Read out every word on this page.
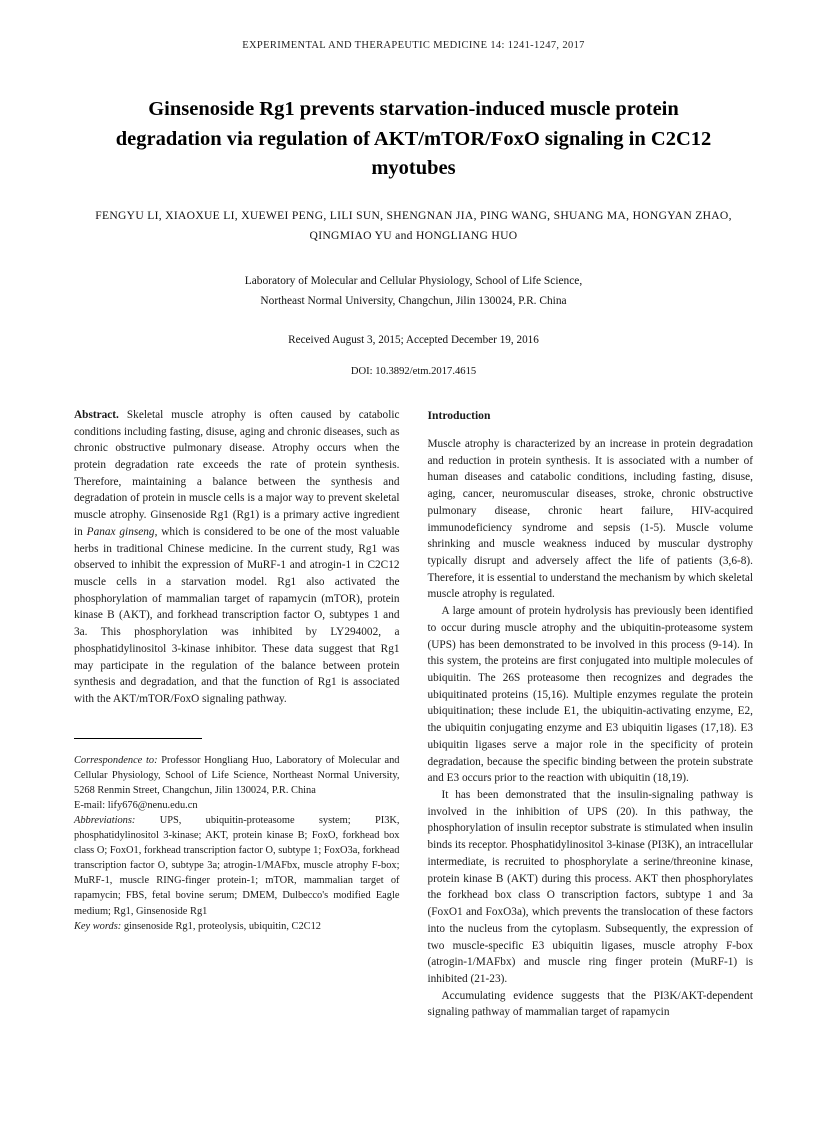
EXPERIMENTAL AND THERAPEUTIC MEDICINE 14: 1241-1247, 2017
Ginsenoside Rg1 prevents starvation-induced muscle protein degradation via regulation of AKT/mTOR/FoxO signaling in C2C12 myotubes
FENGYU LI, XIAOXUE LI, XUEWEI PENG, LILI SUN, SHENGNAN JIA, PING WANG, SHUANG MA, HONGYAN ZHAO, QINGMIAO YU and HONGLIANG HUO
Laboratory of Molecular and Cellular Physiology, School of Life Science,
Northeast Normal University, Changchun, Jilin 130024, P.R. China
Received August 3, 2015; Accepted December 19, 2016
DOI: 10.3892/etm.2017.4615

Abstract. Skeletal muscle atrophy is often caused by catabolic conditions including fasting, disuse, aging and chronic diseases, such as chronic obstructive pulmonary disease. Atrophy occurs when the protein degradation rate exceeds the rate of protein synthesis. Therefore, maintaining a balance between the synthesis and degradation of protein in muscle cells is a major way to prevent skeletal muscle atrophy. Ginsenoside Rg1 (Rg1) is a primary active ingredient in Panax ginseng, which is considered to be one of the most valuable herbs in traditional Chinese medicine. In the current study, Rg1 was observed to inhibit the expression of MuRF-1 and atrogin-1 in C2C12 muscle cells in a starvation model. Rg1 also activated the phosphorylation of mammalian target of rapamycin (mTOR), protein kinase B (AKT), and forkhead transcription factor O, subtypes 1 and 3a. This phosphorylation was inhibited by LY294002, a phosphatidylinositol 3-kinase inhibitor. These data suggest that Rg1 may participate in the regulation of the balance between protein synthesis and degradation, and that the function of Rg1 is associated with the AKT/mTOR/FoxO signaling pathway.

Correspondence to: Professor Hongliang Huo, Laboratory of Molecular and Cellular Physiology, School of Life Science, Northeast Normal University, 5268 Renmin Street, Changchun, Jilin 130024, P.R. China

E-mail: lify676@nenu.edu.cn

Abbreviations: UPS, ubiquitin-proteasome system; PI3K, phosphatidylinositol 3-kinase; AKT, protein kinase B; FoxO, forkhead box class O; FoxO1, forkhead transcription factor O, subtype 1; FoxO3a, forkhead transcription factor O, subtype 3a; atrogin-1/MAFbx, muscle atrophy F-box; MuRF-1, muscle RING-finger protein-1; mTOR, mammalian target of rapamycin; FBS, fetal bovine serum; DMEM, Dulbecco's modified Eagle medium; Rg1, Ginsenoside Rg1

Key words: ginsenoside Rg1, proteolysis, ubiquitin, C2C12

Introduction

Muscle atrophy is characterized by an increase in protein degradation and reduction in protein synthesis. It is associated with a number of human diseases and catabolic conditions, including fasting, disuse, aging, cancer, neuromuscular diseases, stroke, chronic obstructive pulmonary disease, chronic heart failure, HIV-acquired immunodeficiency syndrome and sepsis (1-5). Muscle volume shrinking and muscle weakness induced by muscular dystrophy typically disrupt and adversely affect the life of patients (3,6-8). Therefore, it is essential to understand the mechanism by which skeletal muscle atrophy is regulated.

A large amount of protein hydrolysis has previously been identified to occur during muscle atrophy and the ubiquitin-proteasome system (UPS) has been demonstrated to be involved in this process (9-14). In this system, the proteins are first conjugated into multiple molecules of ubiquitin. The 26S proteasome then recognizes and degrades the ubiquitinated proteins (15,16). Multiple enzymes regulate the protein ubiquitination; these include E1, the ubiquitin-activating enzyme, E2, the ubiquitin conjugating enzyme and E3 ubiquitin ligases (17,18). E3 ubiquitin ligases serve a major role in the specificity of protein degradation, because the specific binding between the protein substrate and E3 occurs prior to the reaction with ubiquitin (18,19).

It has been demonstrated that the insulin-signaling pathway is involved in the inhibition of UPS (20). In this pathway, the phosphorylation of insulin receptor substrate is stimulated when insulin binds its receptor. Phosphatidylinositol 3-kinase (PI3K), an intracellular intermediate, is recruited to phosphorylate a serine/threonine kinase, protein kinase B (AKT) during this process. AKT then phosphorylates the forkhead box class O transcription factors, subtype 1 and 3a (FoxO1 and FoxO3a), which prevents the translocation of these factors into the nucleus from the cytoplasm. Subsequently, the expression of two muscle-specific E3 ubiquitin ligases, muscle atrophy F-box (atrogin-1/MAFbx) and muscle ring finger protein (MuRF-1) is inhibited (21-23).

Accumulating evidence suggests that the PI3K/AKT-dependent signaling pathway of mammalian target of rapamycin
